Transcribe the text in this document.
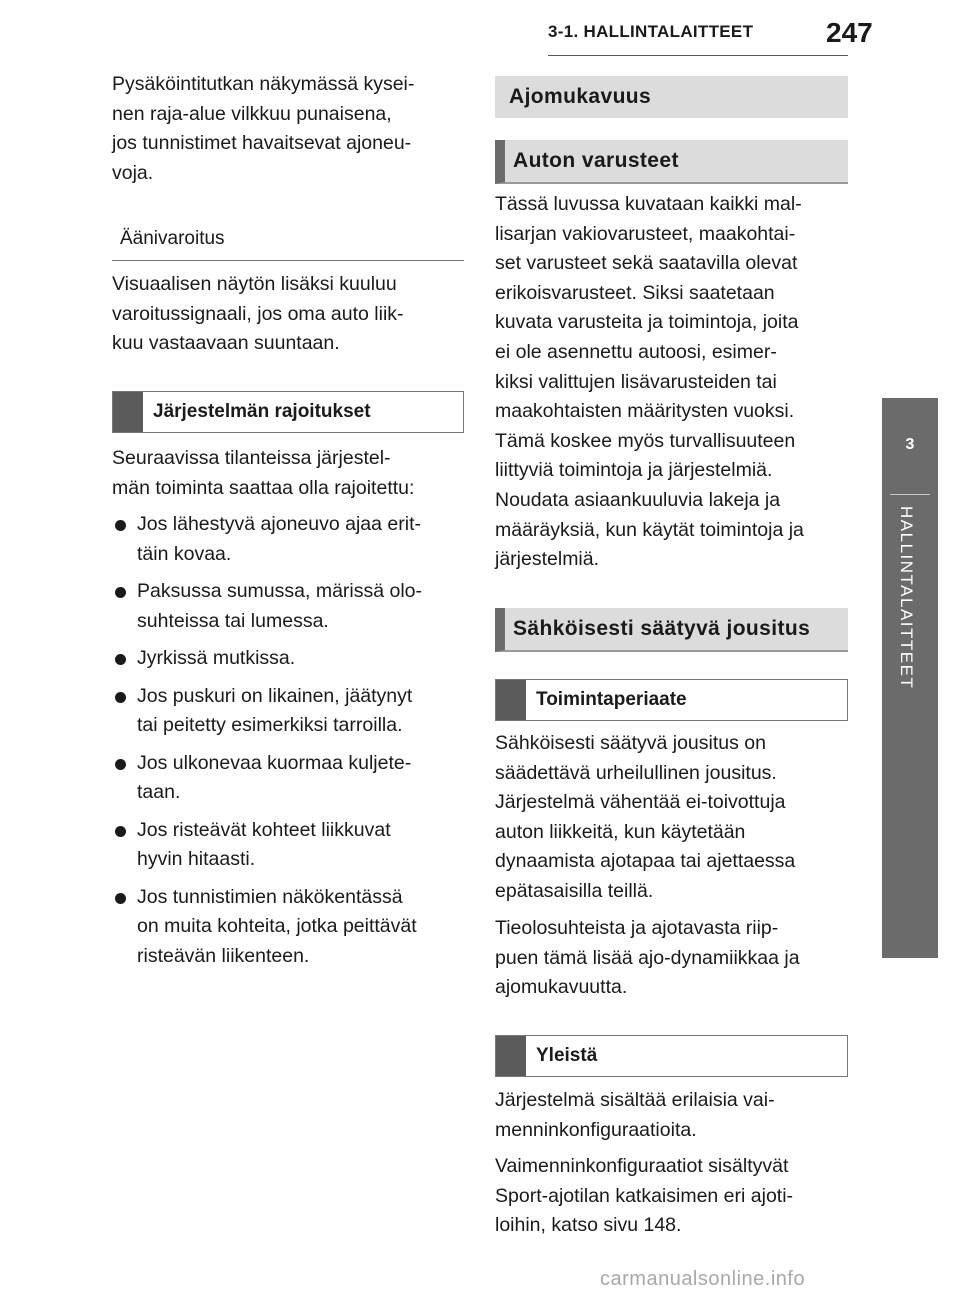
3-1. HALLINTALAITTEET	247
3
HALLINTALAITTEET

Pysäköintitutkan näkymässä kysei-
nen raja-alue vilkkuu punaisena,
jos tunnistimet havaitsevat ajoneu-
voja.

Äänivaroitus

Visuaalisen näytön lisäksi kuuluu
varoitussignaali, jos oma auto liik-
kuu vastaavaan suuntaan.

Järjestelmän rajoitukset

Seuraavissa tilanteissa järjestel-
män toiminta saattaa olla rajoitettu:

Jos lähestyvä ajoneuvo ajaa erit-
täin kovaa.
Paksussa sumussa, märissä olo-
suhteissa tai lumessa.
Jyrkissä mutkissa.
Jos puskuri on likainen, jäätynyt
tai peitetty esimerkiksi tarroilla.
Jos ulkonevaa kuormaa kuljete-
taan.
Jos risteävät kohteet liikkuvat
hyvin hitaasti.
Jos tunnistimien näkökentässä
on muita kohteita, jotka peittävät
risteävän liikenteen.
Ajomukavuus
Auton varusteet

Tässä luvussa kuvataan kaikki mal-
lisarjan vakiovarusteet, maakohtai-
set varusteet sekä saatavilla olevat
erikoisvarusteet. Siksi saatetaan
kuvata varusteita ja toimintoja, joita
ei ole asennettu autoosi, esimer-
kiksi valittujen lisävarusteiden tai
maakohtaisten määritysten vuoksi.
Tämä koskee myös turvallisuuteen
liittyviä toimintoja ja järjestelmiä.
Noudata asiaankuuluvia lakeja ja
määräyksiä, kun käytät toimintoja ja
järjestelmiä.

Sähköisesti säätyvä jousitus
Toimintaperiaate

Sähköisesti säätyvä jousitus on
säädettävä urheilullinen jousitus.
Järjestelmä vähentää ei-toivottuja
auton liikkeitä, kun käytetään
dynaamista ajotapaa tai ajettaessa
epätasaisilla teillä.

Tieolosuhteista ja ajotavasta riip-
puen tämä lisää ajo-dynamiikkaa ja
ajomukavuutta.

Yleistä

Järjestelmä sisältää erilaisia vai-
menninkonfiguraatioita.

Vaimenninkonfiguraatiot sisältyvät
Sport-ajotilan katkaisimen eri ajoti-
loihin, katso sivu 148.

carmanualsonline.info
